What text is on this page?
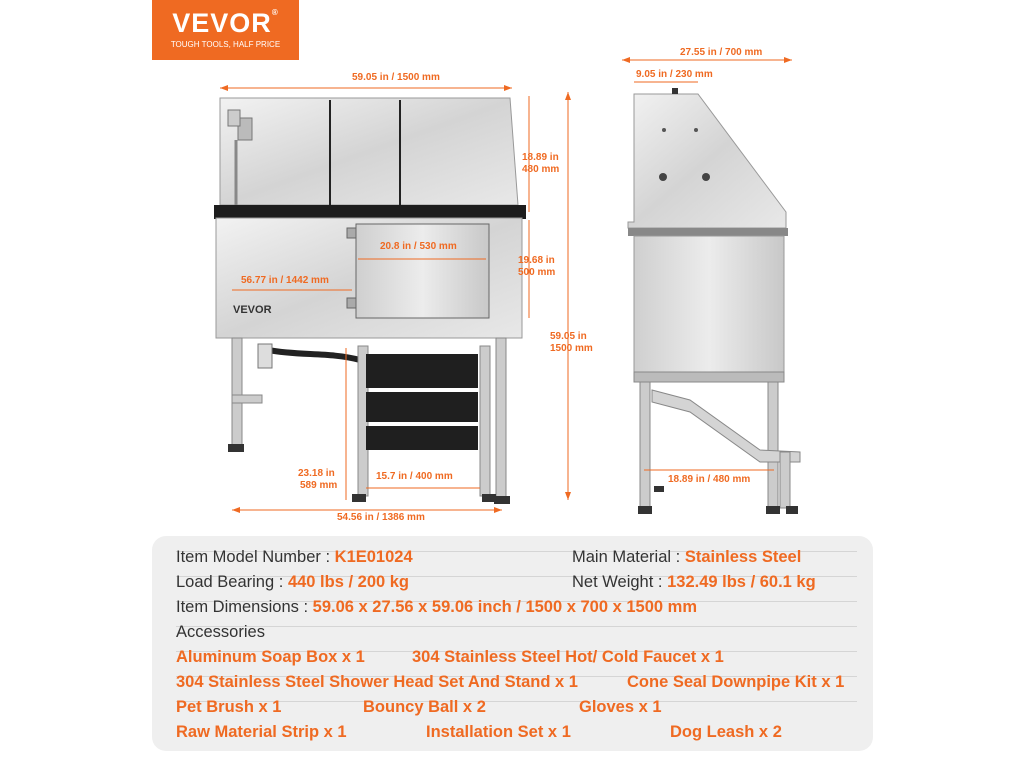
VEVOR®
TOUGH TOOLS, HALF PRICE
VEVOR
59.05 in / 1500 mm
56.77 in / 1442 mm
20.8 in / 530 mm
54.56 in / 1386 mm
15.7 in / 400 mm
18.89 in
480 mm
19.68 in
500 mm
59.05 in
1500 mm
23.18 in
589 mm
27.55 in / 700 mm
9.05 in / 230 mm
18.89 in / 480 mm
Item Model Number : K1E01024	Main Material : Stainless Steel
Load Bearing : 440 lbs / 200 kg	Net Weight : 132.49 lbs / 60.1 kg
Item Dimensions : 59.06 x 27.56 x 59.06 inch / 1500 x 700 x 1500 mm
Accessories
Aluminum Soap Box x 1	304 Stainless Steel Hot/ Cold Faucet x 1
304 Stainless Steel Shower Head Set And Stand x 1	Cone Seal Downpipe Kit x 1
Pet Brush x 1	Bouncy Ball x 2	Gloves x 1
Raw Material Strip x 1	Installation Set x 1	Dog Leash x 2
